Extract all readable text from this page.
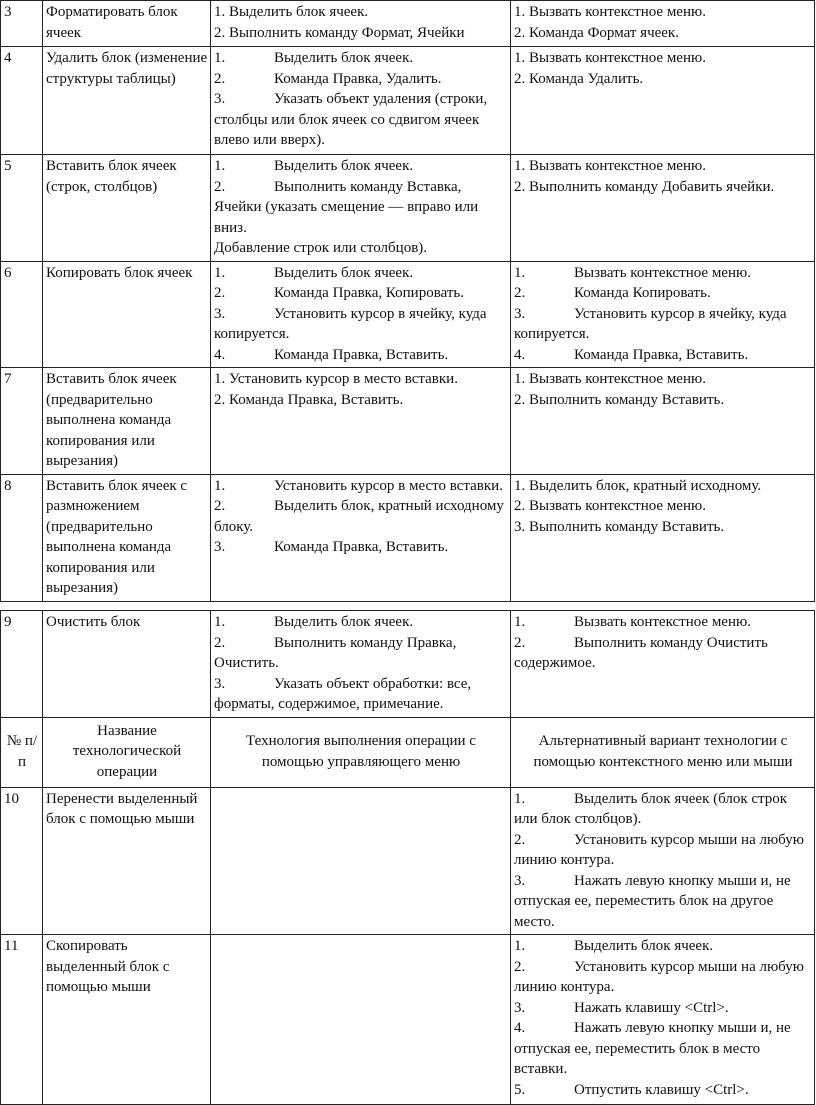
3	Форматировать блок ячеек	1. Выделить блок ячеек.
2. Выполнить команду Формат, Ячейки	1. Вызвать контекстное меню.
2. Команда Формат ячеек.

4	Удалить блок (изменение структуры таблицы)	1. Выделить блок ячеек.
2. Команда Правка, Удалить.
3. Указать объект удаления (строки, столбцы или блок ячеек со сдвигом ячеек влево или вверх).	1. Вызвать контекстное меню.
2. Команда Удалить.

5	Вставить блок ячеек (строк, столбцов)	1. Выделить блок ячеек.
2. Выполнить команду Вставка, Ячейки (указать смещение — вправо или вниз.
Добавление строк или столбцов).	1. Вызвать контекстное меню.
2. Выполнить команду Добавить ячейки.

6	Копировать блок ячеек	1. Выделить блок ячеек.
2. Команда Правка, Копировать.
3. Установить курсор в ячейку, куда копируется.
4. Команда Правка, Вставить.	1. Вызвать контекстное меню.
2. Команда Копировать.
3. Установить курсор в ячейку, куда копируется.
4. Команда Правка, Вставить.

7	Вставить блок ячеек (предварительно выполнена команда копирования или вырезания)	1. Установить курсор в место вставки.
2. Команда Правка, Вставить.	1. Вызвать контекстное меню.
2. Выполнить команду Вставить.

8	Вставить блок ячеек с размножением (предварительно выполнена команда копирования или вырезания)	1. Установить курсор в место вставки.
2. Выделить блок, кратный исходному блоку.
3. Команда Правка, Вставить.	1. Выделить блок, кратный исходному.
2. Вызвать контекстное меню.
3. Выполнить команду Вставить.
9	Очистить блок	1. Выделить блок ячеек.
2. Выполнить команду Правка, Очистить.
3. Указать объект обработки: все, форматы, содержимое, примечание.	1. Вызвать контекстное меню.
2. Выполнить команду Очистить содержимое.

№ п/п	Название технологической операции	Технология выполнения операции с помощью управляющего меню	Альтернативный вариант технологии с помощью контекстного меню или мыши
10	Перенести выделенный блок с помощью мыши		1. Выделить блок ячеек (блок строк или блок столбцов).
2. Установить курсор мыши на любую линию контура.
3. Нажать левую кнопку мыши и, не отпуская ее, переместить блок на другое место.

11	Скопировать выделенный блок с помощью мыши		1. Выделить блок ячеек.
2. Установить курсор мыши на любую линию контура.
3. Нажать клавишу <Ctrl>.
4. Нажать левую кнопку мыши и, не отпуская ее, переместить блок в место вставки.
5. Отпустить клавишу <Ctrl>.
